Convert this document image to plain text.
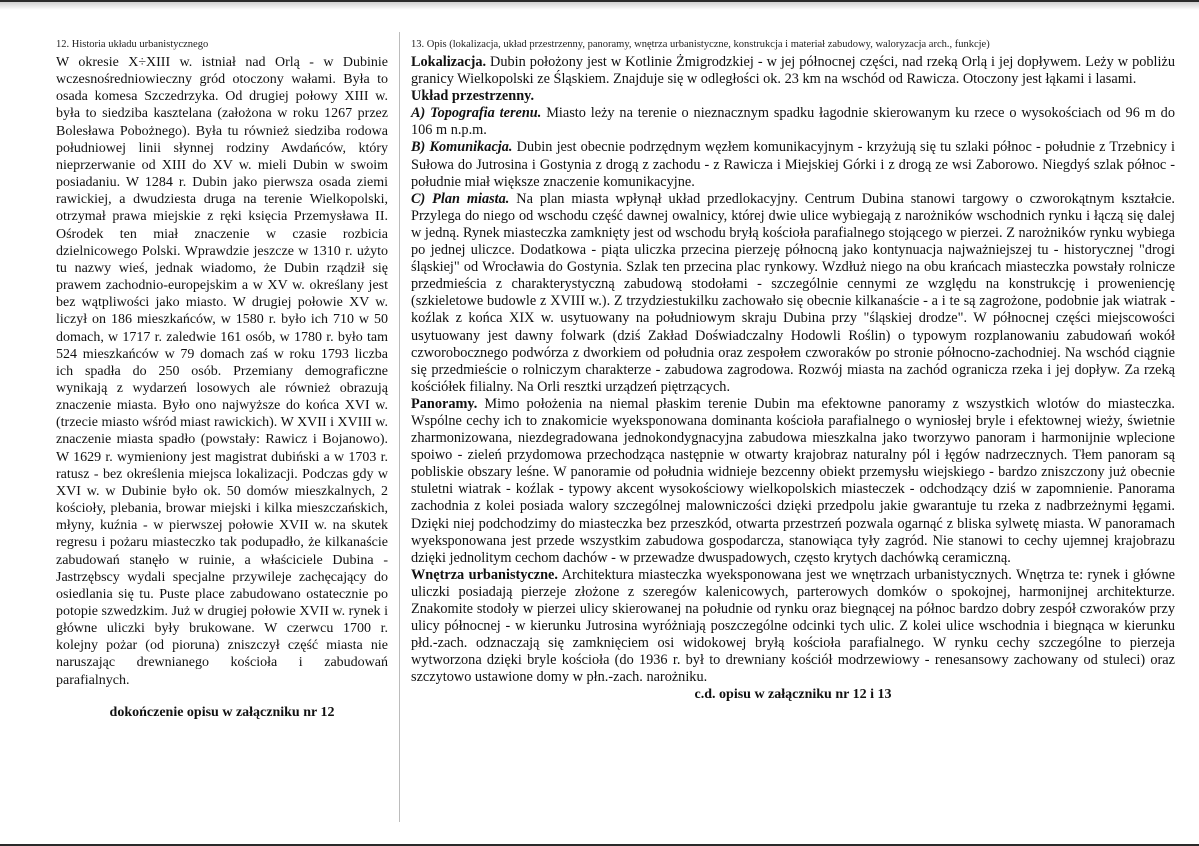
12. Historia układu urbanistycznego

W okresie X÷XIII w. istniał nad Orlą - w Dubinie wczesnośredniowieczny gród otoczony wałami. Była to osada komesa Szczedrzyka. Od drugiej połowy XIII w. była to siedziba kasztelana (założona w roku 1267 przez Bolesława Pobożnego). Była tu również siedziba rodowa południowej linii słynnej rodziny Awdańców, który nieprzerwanie od XIII do XV w. mieli Dubin w swoim posiadaniu. W 1284 r. Dubin jako pierwsza osada ziemi rawickiej, a dwudziesta druga na terenie Wielkopolski, otrzymał prawa miejskie z ręki księcia Przemysława II. Ośrodek ten miał znaczenie w czasie rozbicia dzielnicowego Polski. Wprawdzie jeszcze w 1310 r. użyto tu nazwy wieś, jednak wiadomo, że Dubin rządził się prawem zachodnio-europejskim a w XV w. określany jest bez wątpliwości jako miasto. W drugiej połowie XV w. liczył on 186 mieszkańców, w 1580 r. było ich 710 w 50 domach, w 1717 r. zaledwie 161 osób, w 1780 r. było tam 524 mieszkańców w 79 domach zaś w roku 1793 liczba ich spadła do 250 osób. Przemiany demograficzne wynikają z wydarzeń losowych ale również obrazują znaczenie miasta. Było ono najwyższe do końca XVI w. (trzecie miasto wśród miast rawickich). W XVII i XVIII w. znaczenie miasta spadło (powstały: Rawicz i Bojanowo). W 1629 r. wymieniony jest magistrat dubiński a w 1703 r. ratusz - bez określenia miejsca lokalizacji. Podczas gdy w XVI w. w Dubinie było ok. 50 domów mieszkalnych, 2 kościoły, plebania, browar miejski i kilka mieszczańskich, młyny, kuźnia - w pierwszej połowie XVII w. na skutek regresu i pożaru miasteczko tak podupadło, że kilkanaście zabudowań stanęło w ruinie, a właściciele Dubina - Jastrzębscy wydali specjalne przywileje zachęcający do osiedlania się tu. Puste place zabudowano ostatecznie po potopie szwedzkim. Już w drugiej połowie XVII w. rynek i główne uliczki były brukowane. W czerwcu 1700 r. kolejny pożar (od pioruna) zniszczył część miasta nie naruszając drewnianego kościoła i zabudowań parafialnych.

dokończenie opisu w załączniku nr 12
13. Opis (lokalizacja, układ przestrzenny, panoramy, wnętrza urbanistyczne, konstrukcja i materiał zabudowy, waloryzacja arch., funkcje)

Lokalizacja. Dubin położony jest w Kotlinie Żmigrodzkiej - w jej północnej części, nad rzeką Orlą i jej dopływem. Leży w pobliżu granicy Wielkopolski ze Śląskiem. Znajduje się w odległości ok. 23 km na wschód od Rawicza. Otoczony jest łąkami i lasami.

Układ przestrzenny.

A) Topografia terenu. Miasto leży na terenie o nieznacznym spadku łagodnie skierowanym ku rzece o wysokościach od 96 m do 106 m n.p.m.

B) Komunikacja. Dubin jest obecnie podrzędnym węzłem komunikacyjnym - krzyżują się tu szlaki północ - południe z Trzebnicy i Sułowa do Jutrosina i Gostynia z drogą z zachodu - z Rawicza i Miejskiej Górki i z drogą ze wsi Zaborowo. Niegdyś szlak północ - południe miał większe znaczenie komunikacyjne.

C) Plan miasta. Na plan miasta wpłynął układ przedlokacyjny. Centrum Dubina stanowi targowy o czworokątnym kształcie. Przylega do niego od wschodu część dawnej owalnicy, której dwie ulice wybiegają z narożników wschodnich rynku i łączą się dalej w jedną. Rynek miasteczka zamknięty jest od wschodu bryłą kościoła parafialnego stojącego w pierzei. Z narożników rynku wybiega po jednej uliczce. Dodatkowa - piąta uliczka przecina pierzeję północną jako kontynuacja najważniejszej tu - historycznej "drogi śląskiej" od Wrocławia do Gostynia. Szlak ten przecina plac rynkowy. Wzdłuż niego na obu krańcach miasteczka powstały rolnicze przedmieścia z charakterystyczną zabudową stodołami - szczególnie cennymi ze względu na konstrukcję i proweniencję (szkieletowe budowle z XVIII w.). Z trzydziestukilku zachowało się obecnie kilkanaście - a i te są zagrożone, podobnie jak wiatrak - koźlak z końca XIX w. usytuowany na południowym skraju Dubina przy "śląskiej drodze". W północnej części miejscowości usytuowany jest dawny folwark (dziś Zakład Doświadczalny Hodowli Roślin) o typowym rozplanowaniu zabudowań wokół czworobocznego podwórza z dworkiem od południa oraz zespołem czworaków po stronie północno-zachodniej. Na wschód ciągnie się przedmieście o rolniczym charakterze - zabudowa zagrodowa. Rozwój miasta na zachód ogranicza rzeka i jej dopływ. Za rzeką kościółek filialny. Na Orli resztki urządzeń piętrzących.

Panoramy. Mimo położenia na niemal płaskim terenie Dubin ma efektowne panoramy z wszystkich wlotów do miasteczka. Wspólne cechy ich to znakomicie wyeksponowana dominanta kościoła parafialnego o wyniosłej bryle i efektownej wieży, świetnie zharmonizowana, niezdegradowana jednokondygnacyjna zabudowa mieszkalna jako tworzywo panoram i harmonijnie wplecione spoiwo - zieleń przydomowa przechodząca następnie w otwarty krajobraz naturalny pól i łęgów nadrzecznych. Tłem panoram są pobliskie obszary leśne. W panoramie od południa widnieje bezcenny obiekt przemysłu wiejskiego - bardzo zniszczony już obecnie stuletni wiatrak - koźlak - typowy akcent wysokościowy wielkopolskich miasteczek - odchodzący dziś w zapomnienie. Panorama zachodnia z kolei posiada walory szczególnej malowniczości dzięki przedpolu jakie gwarantuje tu rzeka z nadbrzeżnymi łęgami. Dzięki niej podchodzimy do miasteczka bez przeszkód, otwarta przestrzeń pozwala ogarnąć z bliska sylwetę miasta. W panoramach wyeksponowana jest przede wszystkim zabudowa gospodarcza, stanowiąca tyły zagród. Nie stanowi to cechy ujemnej krajobrazu dzięki jednolitym cechom dachów - w przewadze dwuspadowych, często krytych dachówką ceramiczną.

Wnętrza urbanistyczne. Architektura miasteczka wyeksponowana jest we wnętrzach urbanistycznych. Wnętrza te: rynek i główne uliczki posiadają pierzeje złożone z szeregów kalenicowych, parterowych domków o spokojnej, harmonijnej architekturze. Znakomite stodoły w pierzei ulicy skierowanej na południe od rynku oraz biegnącej na północ bardzo dobry zespół czworaków przy ulicy północnej - w kierunku Jutrosina wyróżniają poszczególne odcinki tych ulic. Z kolei ulice wschodnia i biegnąca w kierunku płd.-zach. odznaczają się zamknięciem osi widokowej bryłą kościoła parafialnego. W rynku cechy szczególne to pierzeja wytworzona dzięki bryle kościoła (do 1936 r. był to drewniany kościół modrzewiowy - renesansowy zachowany od stuleci) oraz szczytowo ustawione domy w płn.-zach. narożniku.

c.d. opisu w załączniku nr 12 i 13
